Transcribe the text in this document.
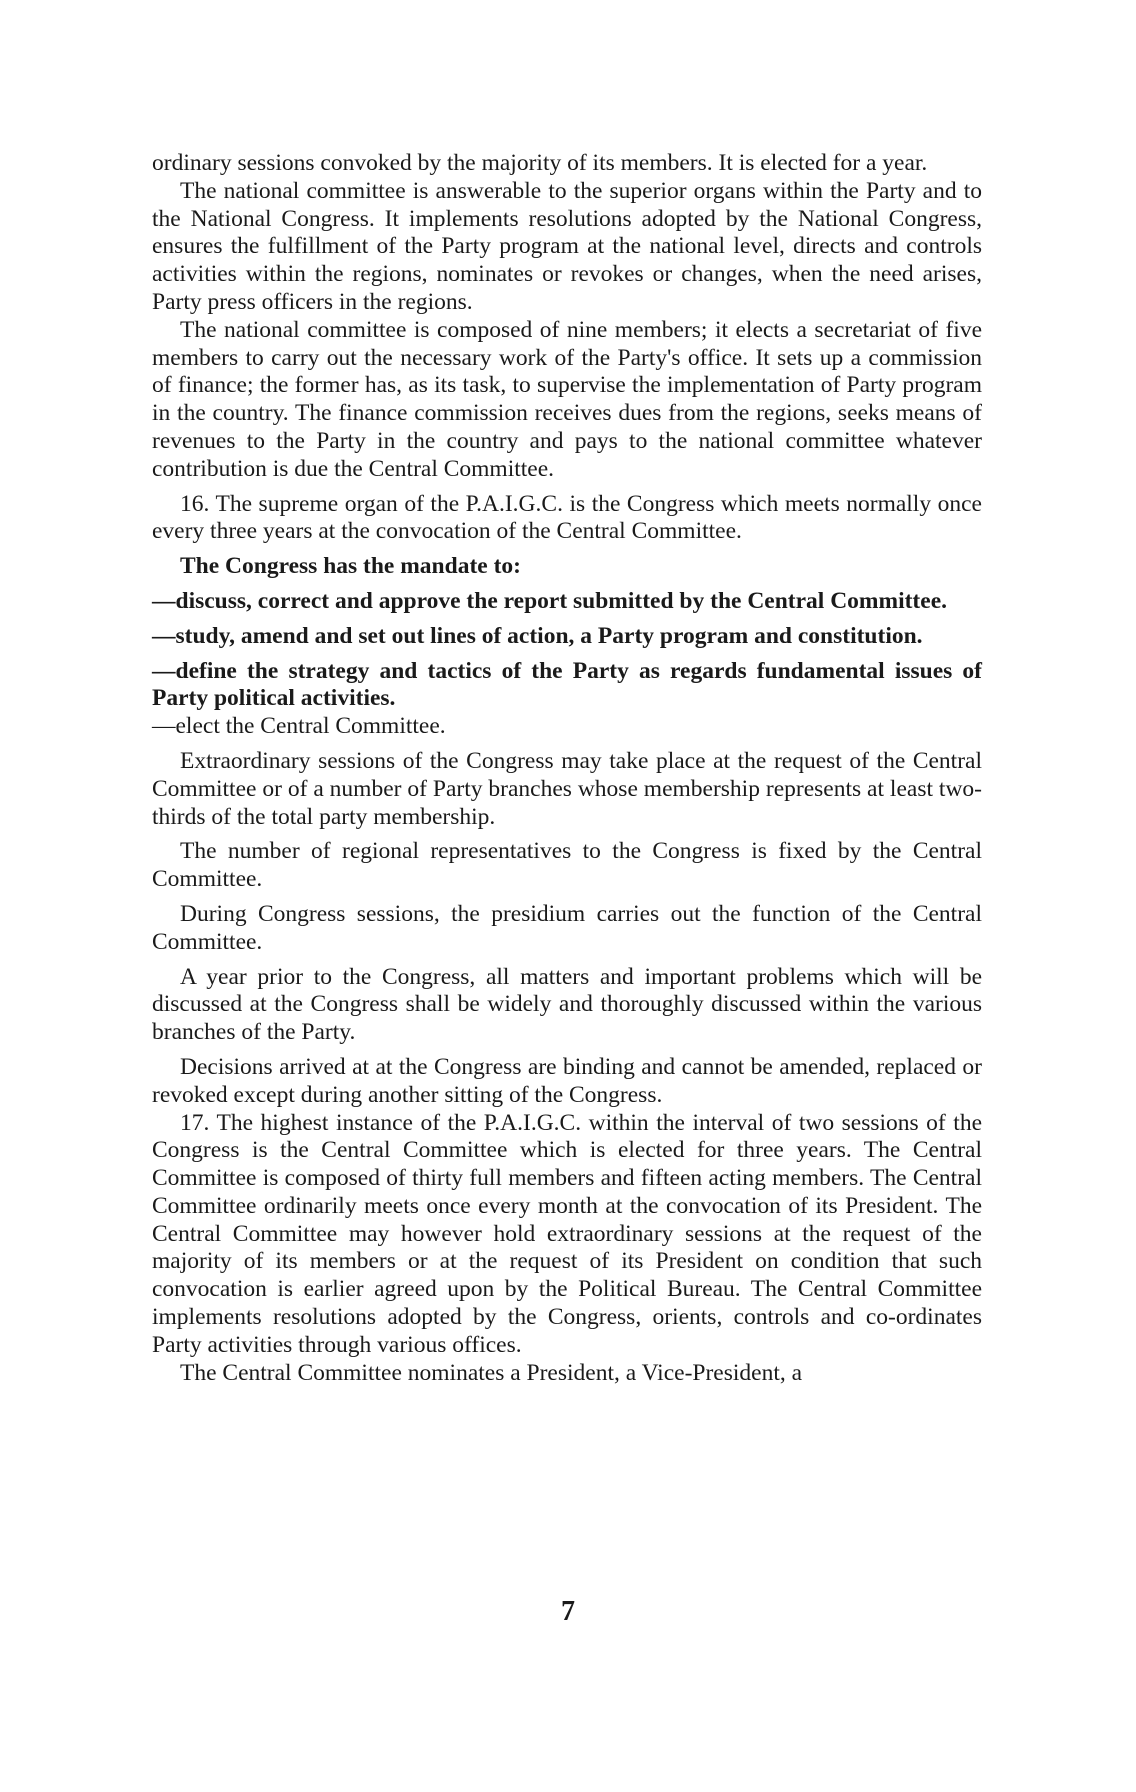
ordinary sessions convoked by the majority of its members. It is elected for a year.

The national committee is answerable to the superior organs within the Party and to the National Congress. It implements resolutions adopted by the National Congress, ensures the fulfillment of the Party program at the national level, directs and controls activities within the regions, nominates or revokes or changes, when the need arises, Party press officers in the regions.

The national committee is composed of nine members; it elects a secretariat of five members to carry out the necessary work of the Party's office. It sets up a commission of finance; the former has, as its task, to supervise the implementation of Party program in the country. The finance commission receives dues from the regions, seeks means of revenues to the Party in the country and pays to the national committee whatever contribution is due the Central Committee.

16. The supreme organ of the P.A.I.G.C. is the Congress which meets normally once every three years at the convocation of the Central Committee.

The Congress has the mandate to:

—discuss, correct and approve the report submitted by the Central Committee.

—study, amend and set out lines of action, a Party program and constitution.

—define the strategy and tactics of the Party as regards fundamental issues of Party political activities.

—elect the Central Committee.

Extraordinary sessions of the Congress may take place at the request of the Central Committee or of a number of Party branches whose membership represents at least two-thirds of the total party membership.

The number of regional representatives to the Congress is fixed by the Central Committee.

During Congress sessions, the presidium carries out the function of the Central Committee.

A year prior to the Congress, all matters and important problems which will be discussed at the Congress shall be widely and thoroughly discussed within the various branches of the Party.

Decisions arrived at at the Congress are binding and cannot be amended, replaced or revoked except during another sitting of the Congress.

17. The highest instance of the P.A.I.G.C. within the interval of two sessions of the Congress is the Central Committee which is elected for three years. The Central Committee is composed of thirty full members and fifteen acting members. The Central Committee ordinarily meets once every month at the convocation of its President. The Central Committee may however hold extraordinary sessions at the request of the majority of its members or at the request of its President on condition that such convocation is earlier agreed upon by the Political Bureau. The Central Committee implements resolutions adopted by the Congress, orients, controls and co-ordinates Party activities through various offices.

The Central Committee nominates a President, a Vice-President, a

7
